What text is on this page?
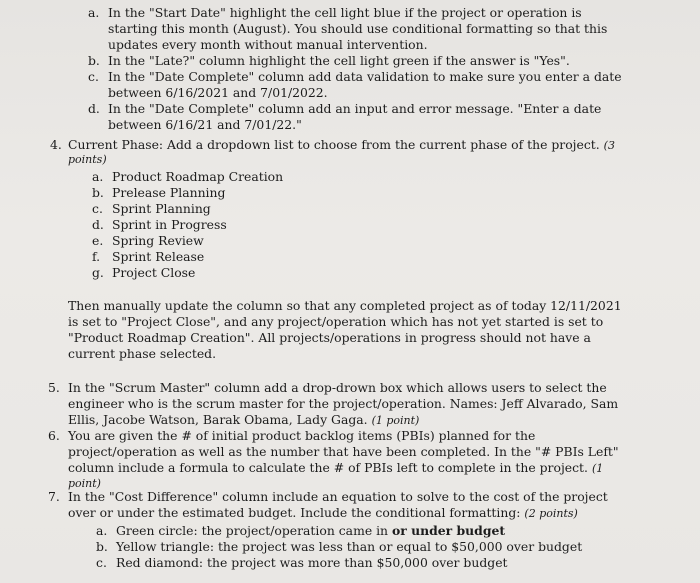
a. In the "Start Date" highlight the cell light blue if the project or operation is
starting this month (August). You should use conditional formatting so that this
updates every month without manual intervention.
b. In the "Late?" column highlight the cell light green if the answer is "Yes".
c. In the "Date Complete" column add data validation to make sure you enter a date
between 6/16/2021 and 7/01/2022.
d. In the "Date Complete" column add an input and error message. "Enter a date
between 6/16/21 and 7/01/22."
4. Current Phase: Add a dropdown list to choose from the current phase of the project. (3
points)
a. Product Roadmap Creation
b. Prelease Planning
c. Sprint Planning
d. Sprint in Progress
e. Spring Review
f. Sprint Release
g. Project Close
Then manually update the column so that any completed project as of today 12/11/2021
is set to "Project Close", and any project/operation which has not yet started is set to
"Product Roadmap Creation". All projects/operations in progress should not have a
current phase selected.
5. In the "Scrum Master" column add a drop-drown box which allows users to select the
engineer who is the scrum master for the project/operation. Names: Jeff Alvarado, Sam
Ellis, Jacobe Watson, Barak Obama, Lady Gaga. (1 point)
6. You are given the # of initial product backlog items (PBIs) planned for the
project/operation as well as the number that have been completed. In the "# PBIs Left"
column include a formula to calculate the # of PBIs left to complete in the project. (1
point)
7. In the "Cost Difference" column include an equation to solve to the cost of the project
over or under the estimated budget. Include the conditional formatting: (2 points)
a. Green circle: the project/operation came in or under budget
b. Yellow triangle: the project was less than or equal to $50,000 over budget
c. Red diamond: the project was more than $50,000 over budget
